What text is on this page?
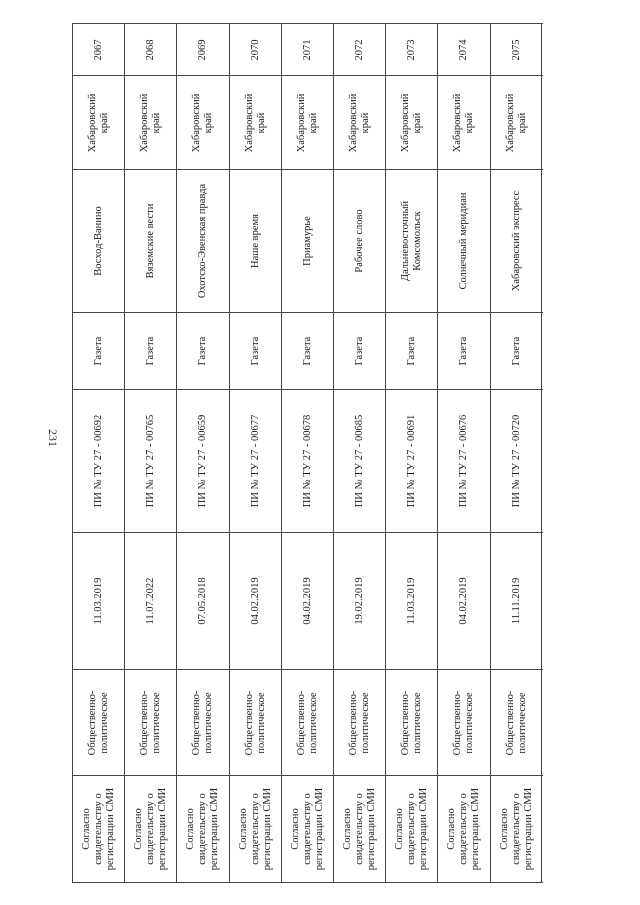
231
2067
Хабаровский край
Восход-Ванино
Газета
ПИ № ТУ 27 - 00692
11.03.2019
Общественно- политическое
Согласно свидетельству о регистрации СМИ
2068
Хабаровский край
Вяземские вести
Газета
ПИ № ТУ 27 - 00765
11.07.2022
Общественно- политическое
Согласно свидетельству о регистрации СМИ
2069
Хабаровский край
Охотско-Эвенская правда
Газета
ПИ № ТУ 27 - 00659
07.05.2018
Общественно- политическое
Согласно свидетельству о регистрации СМИ
2070
Хабаровский край
Наше время
Газета
ПИ № ТУ 27 - 00677
04.02.2019
Общественно- политическое
Согласно свидетельству о регистрации СМИ
2071
Хабаровский край
Приамурье
Газета
ПИ № ТУ 27 - 00678
04.02.2019
Общественно- политическое
Согласно свидетельству о регистрации СМИ
2072
Хабаровский край
Рабочее слово
Газета
ПИ № ТУ 27 - 00685
19.02.2019
Общественно- политическое
Согласно свидетельству о регистрации СМИ
2073
Хабаровский край
Дальневосточный Комсомольск
Газета
ПИ № ТУ 27 - 00691
11.03.2019
Общественно- политическое
Согласно свидетельству о регистрации СМИ
2074
Хабаровский край
Солнечный меридиан
Газета
ПИ № ТУ 27 - 00676
04.02.2019
Общественно- политическое
Согласно свидетельству о регистрации СМИ
2075
Хабаровский край
Хабаровский экспресс
Газета
ПИ № ТУ 27 - 00720
11.11.2019
Общественно- политическое
Согласно свидетельству о регистрации СМИ
